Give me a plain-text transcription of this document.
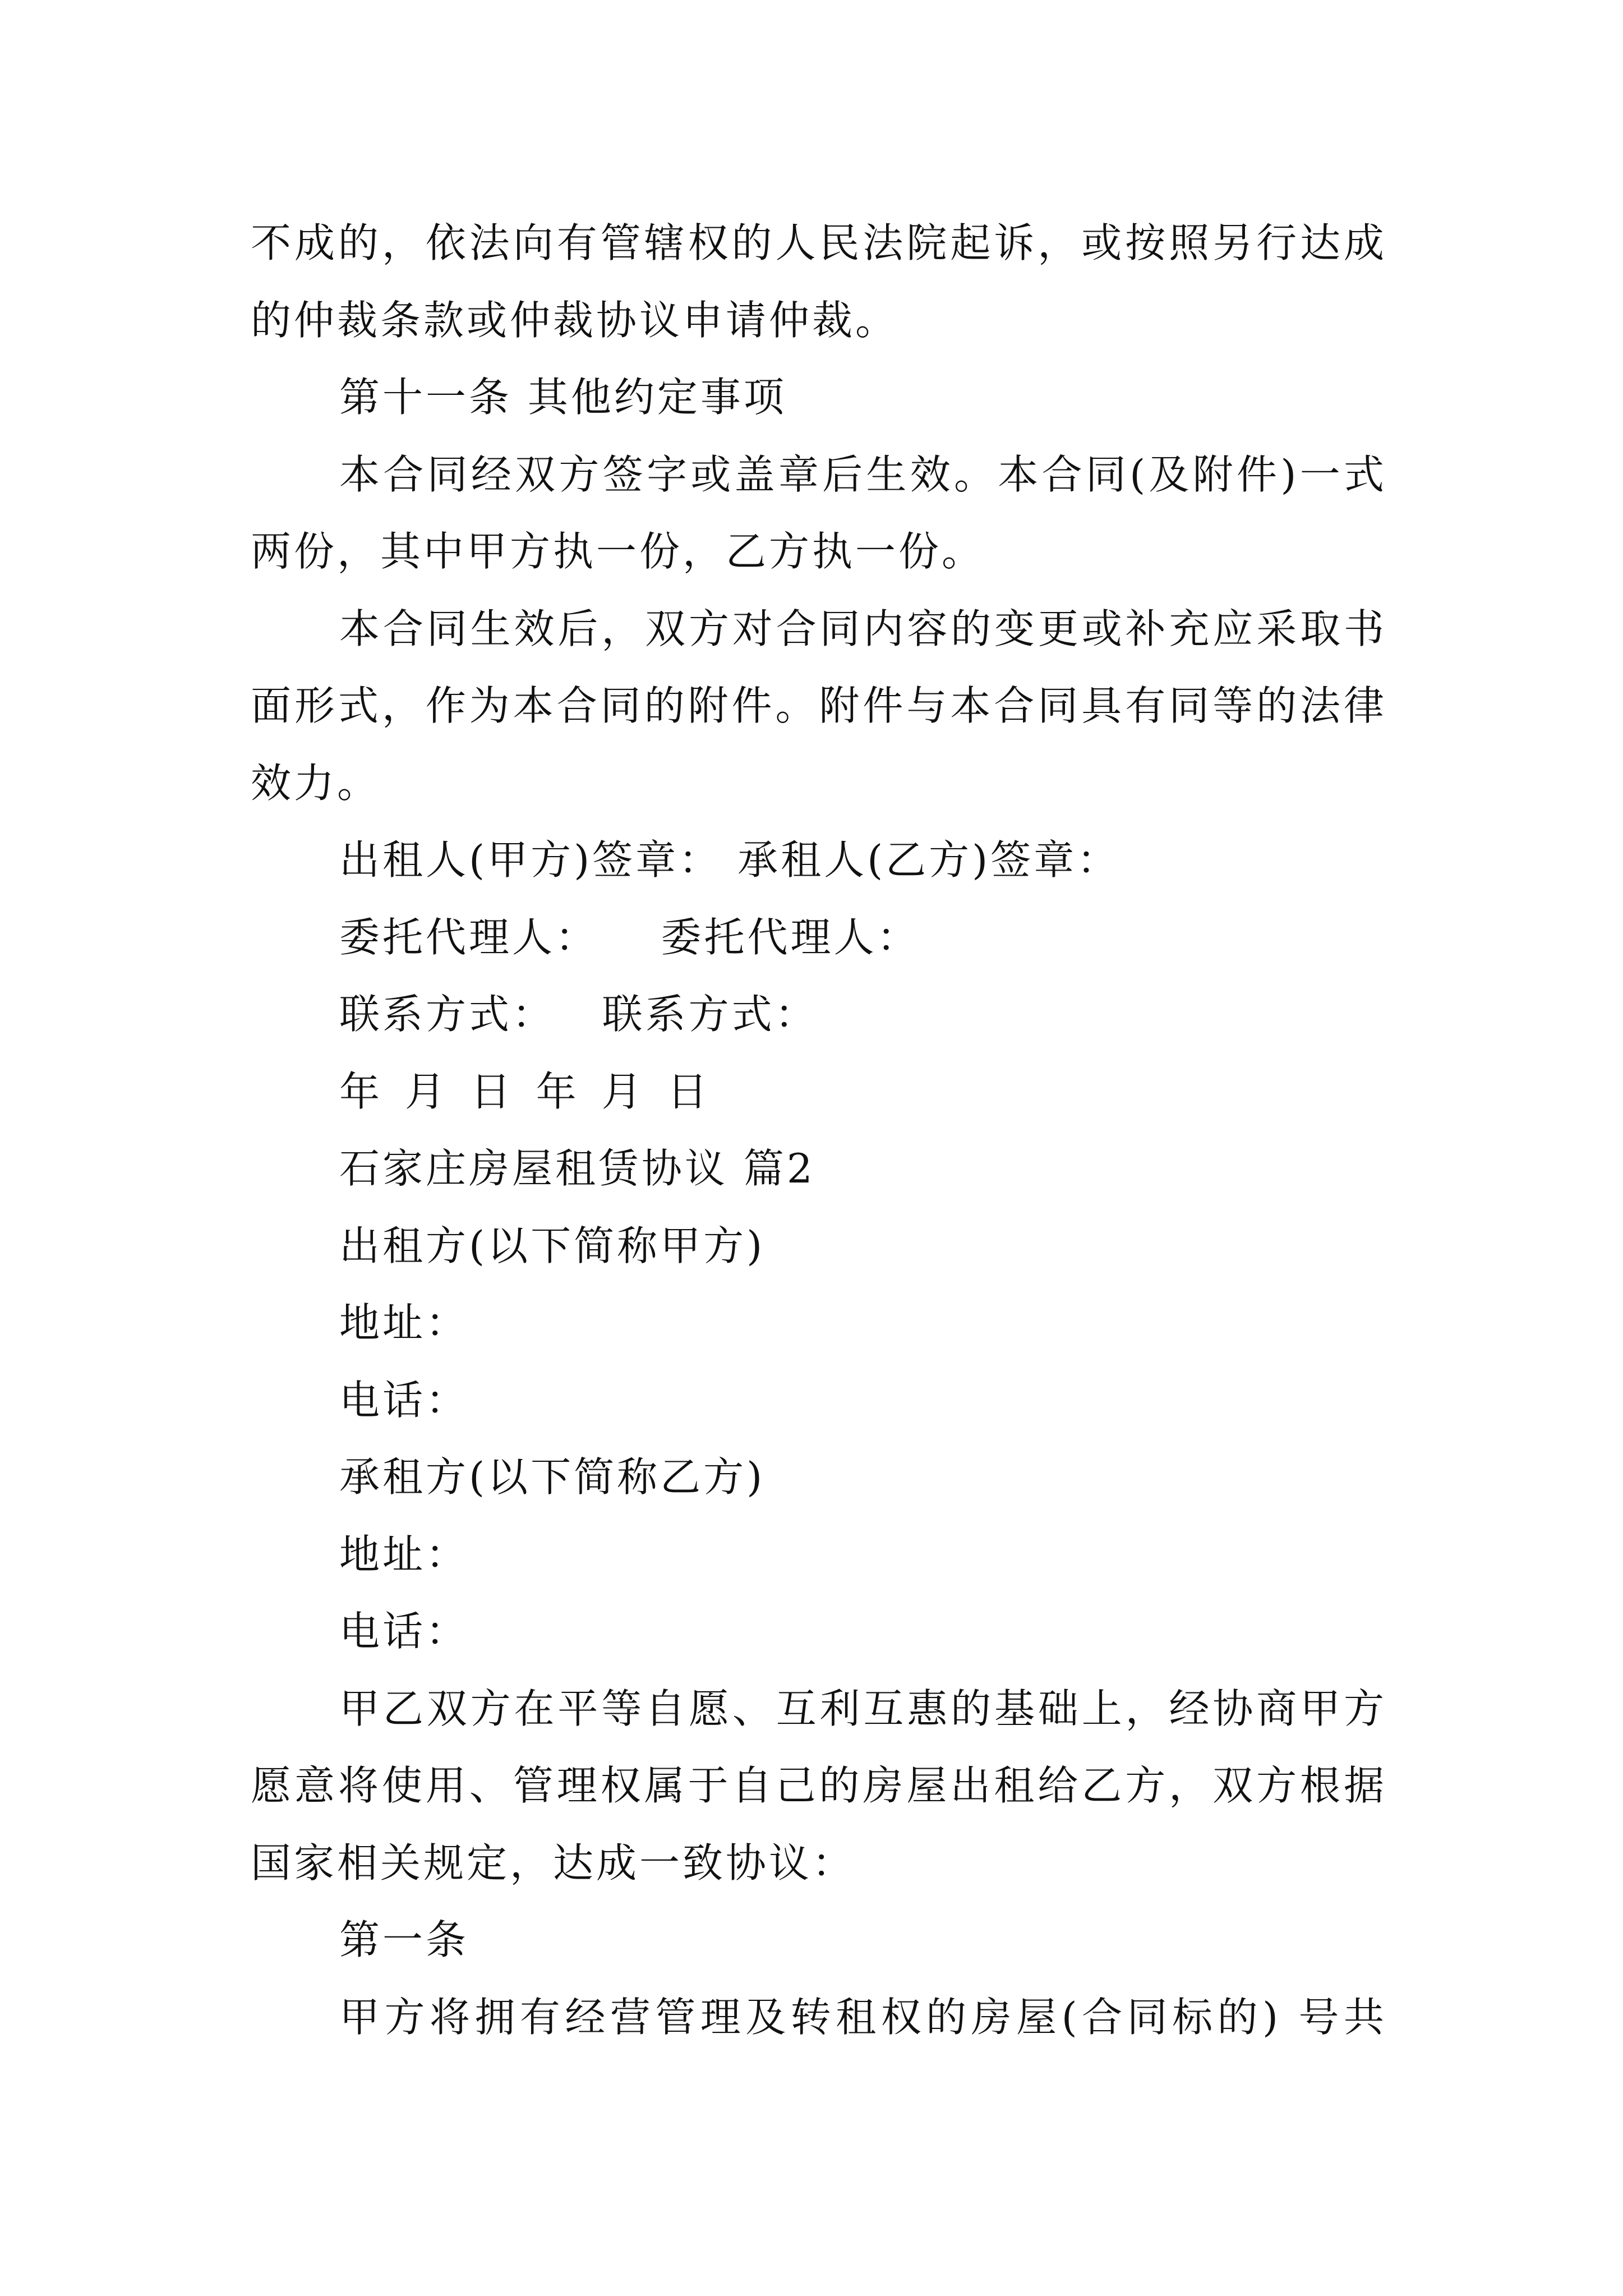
不成的，依法向有管辖权的人民法院起诉，或按照另行达成
的仲裁条款或仲裁协议申请仲裁。
第十一条 其他约定事项
本合同经双方签字或盖章后生效。本合同(及附件)一式
两份，其中甲方执一份，乙方执一份。
本合同生效后，双方对合同内容的变更或补充应采取书
面形式，作为本合同的附件。附件与本合同具有同等的法律
效力。
出租人(甲方)签章： 承租人(乙方)签章：
委托代理人：    委托代理人：
联系方式：   联系方式：
年 月 日 年 月 日
石家庄房屋租赁协议 篇2
出租方(以下简称甲方)
地址：
电话：
承租方(以下简称乙方)
地址：
电话：
甲乙双方在平等自愿、互利互惠的基础上，经协商甲方
愿意将使用、管理权属于自己的房屋出租给乙方，双方根据
国家相关规定，达成一致协议：
第一条
甲方将拥有经营管理及转租权的房屋(合同标的) 号共
